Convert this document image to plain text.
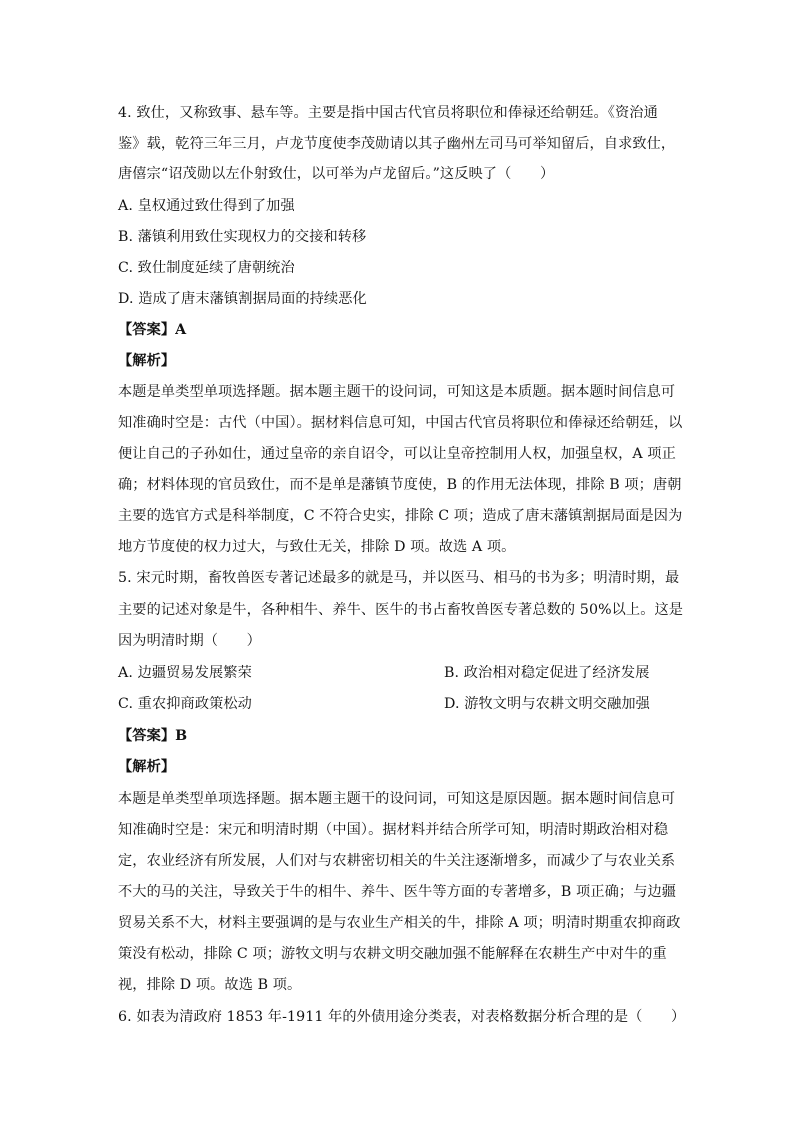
4. 致仕，又称致事、悬车等。主要是指中国古代官员将职位和俸禄还给朝廷。《资治通
鉴》载，乾符三年三月，卢龙节度使李茂勋请以其子幽州左司马可举知留后，自求致仕，
唐僖宗“诏茂勋以左仆射致仕，以可举为卢龙留后。”这反映了（　　）
A. 皇权通过致仕得到了加强
B. 藩镇利用致仕实现权力的交接和转移
C. 致仕制度延续了唐朝统治
D. 造成了唐末藩镇割据局面的持续恶化
【答案】A
【解析】
本题是单类型单项选择题。据本题主题干的设问词，可知这是本质题。据本题时间信息可
知准确时空是：古代（中国）。据材料信息可知，中国古代官员将职位和俸禄还给朝廷，以
便让自己的子孙如仕，通过皇帝的亲自诏令，可以让皇帝控制用人权，加强皇权，A 项正
确；材料体现的官员致仕，而不是单是藩镇节度使，B 的作用无法体现，排除 B 项；唐朝
主要的选官方式是科举制度，C 不符合史实，排除 C 项；造成了唐末藩镇割据局面是因为
地方节度使的权力过大，与致仕无关，排除 D 项。故选 A 项。
5. 宋元时期，畜牧兽医专著记述最多的就是马，并以医马、相马的书为多；明清时期，最
主要的记述对象是牛，各种相牛、养牛、医牛的书占畜牧兽医专著总数的 50%以上。这是
因为明清时期（　　）
A. 边疆贸易发展繁荣	B. 政治相对稳定促进了经济发展
C. 重农抑商政策松动	D. 游牧文明与农耕文明交融加强
【答案】B
【解析】
本题是单类型单项选择题。据本题主题干的设问词，可知这是原因题。据本题时间信息可
知准确时空是：宋元和明清时期（中国）。据材料并结合所学可知，明清时期政治相对稳
定，农业经济有所发展，人们对与农耕密切相关的牛关注逐渐增多，而减少了与农业关系
不大的马的关注，导致关于牛的相牛、养牛、医牛等方面的专著增多，B 项正确；与边疆
贸易关系不大，材料主要强调的是与农业生产相关的牛，排除 A 项；明清时期重农抑商政
策没有松动，排除 C 项；游牧文明与农耕文明交融加强不能解释在农耕生产中对牛的重
视，排除 D 项。故选 B 项。
6. 如表为清政府 1853 年-1911 年的外债用途分类表，对表格数据分析合理的是（　　）
